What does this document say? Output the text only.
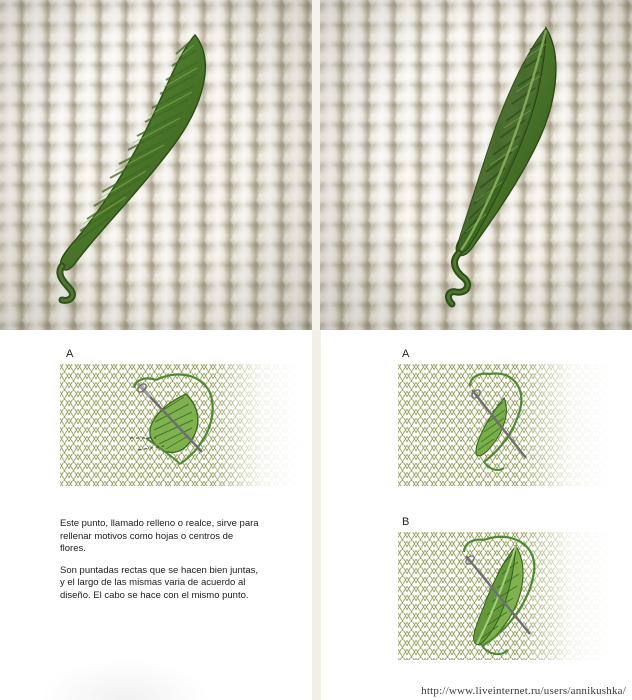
A

Este punto, llamado relleno o realce, sirve para rellenar motivos como hojas o centros de flores.

Son puntadas rectas que se hacen bien juntas, y el largo de las mismas varia de acuerdo al diseño. El cabo se hace con el mismo punto.

A
B
http://www.liveinternet.ru/users/annikushka/
